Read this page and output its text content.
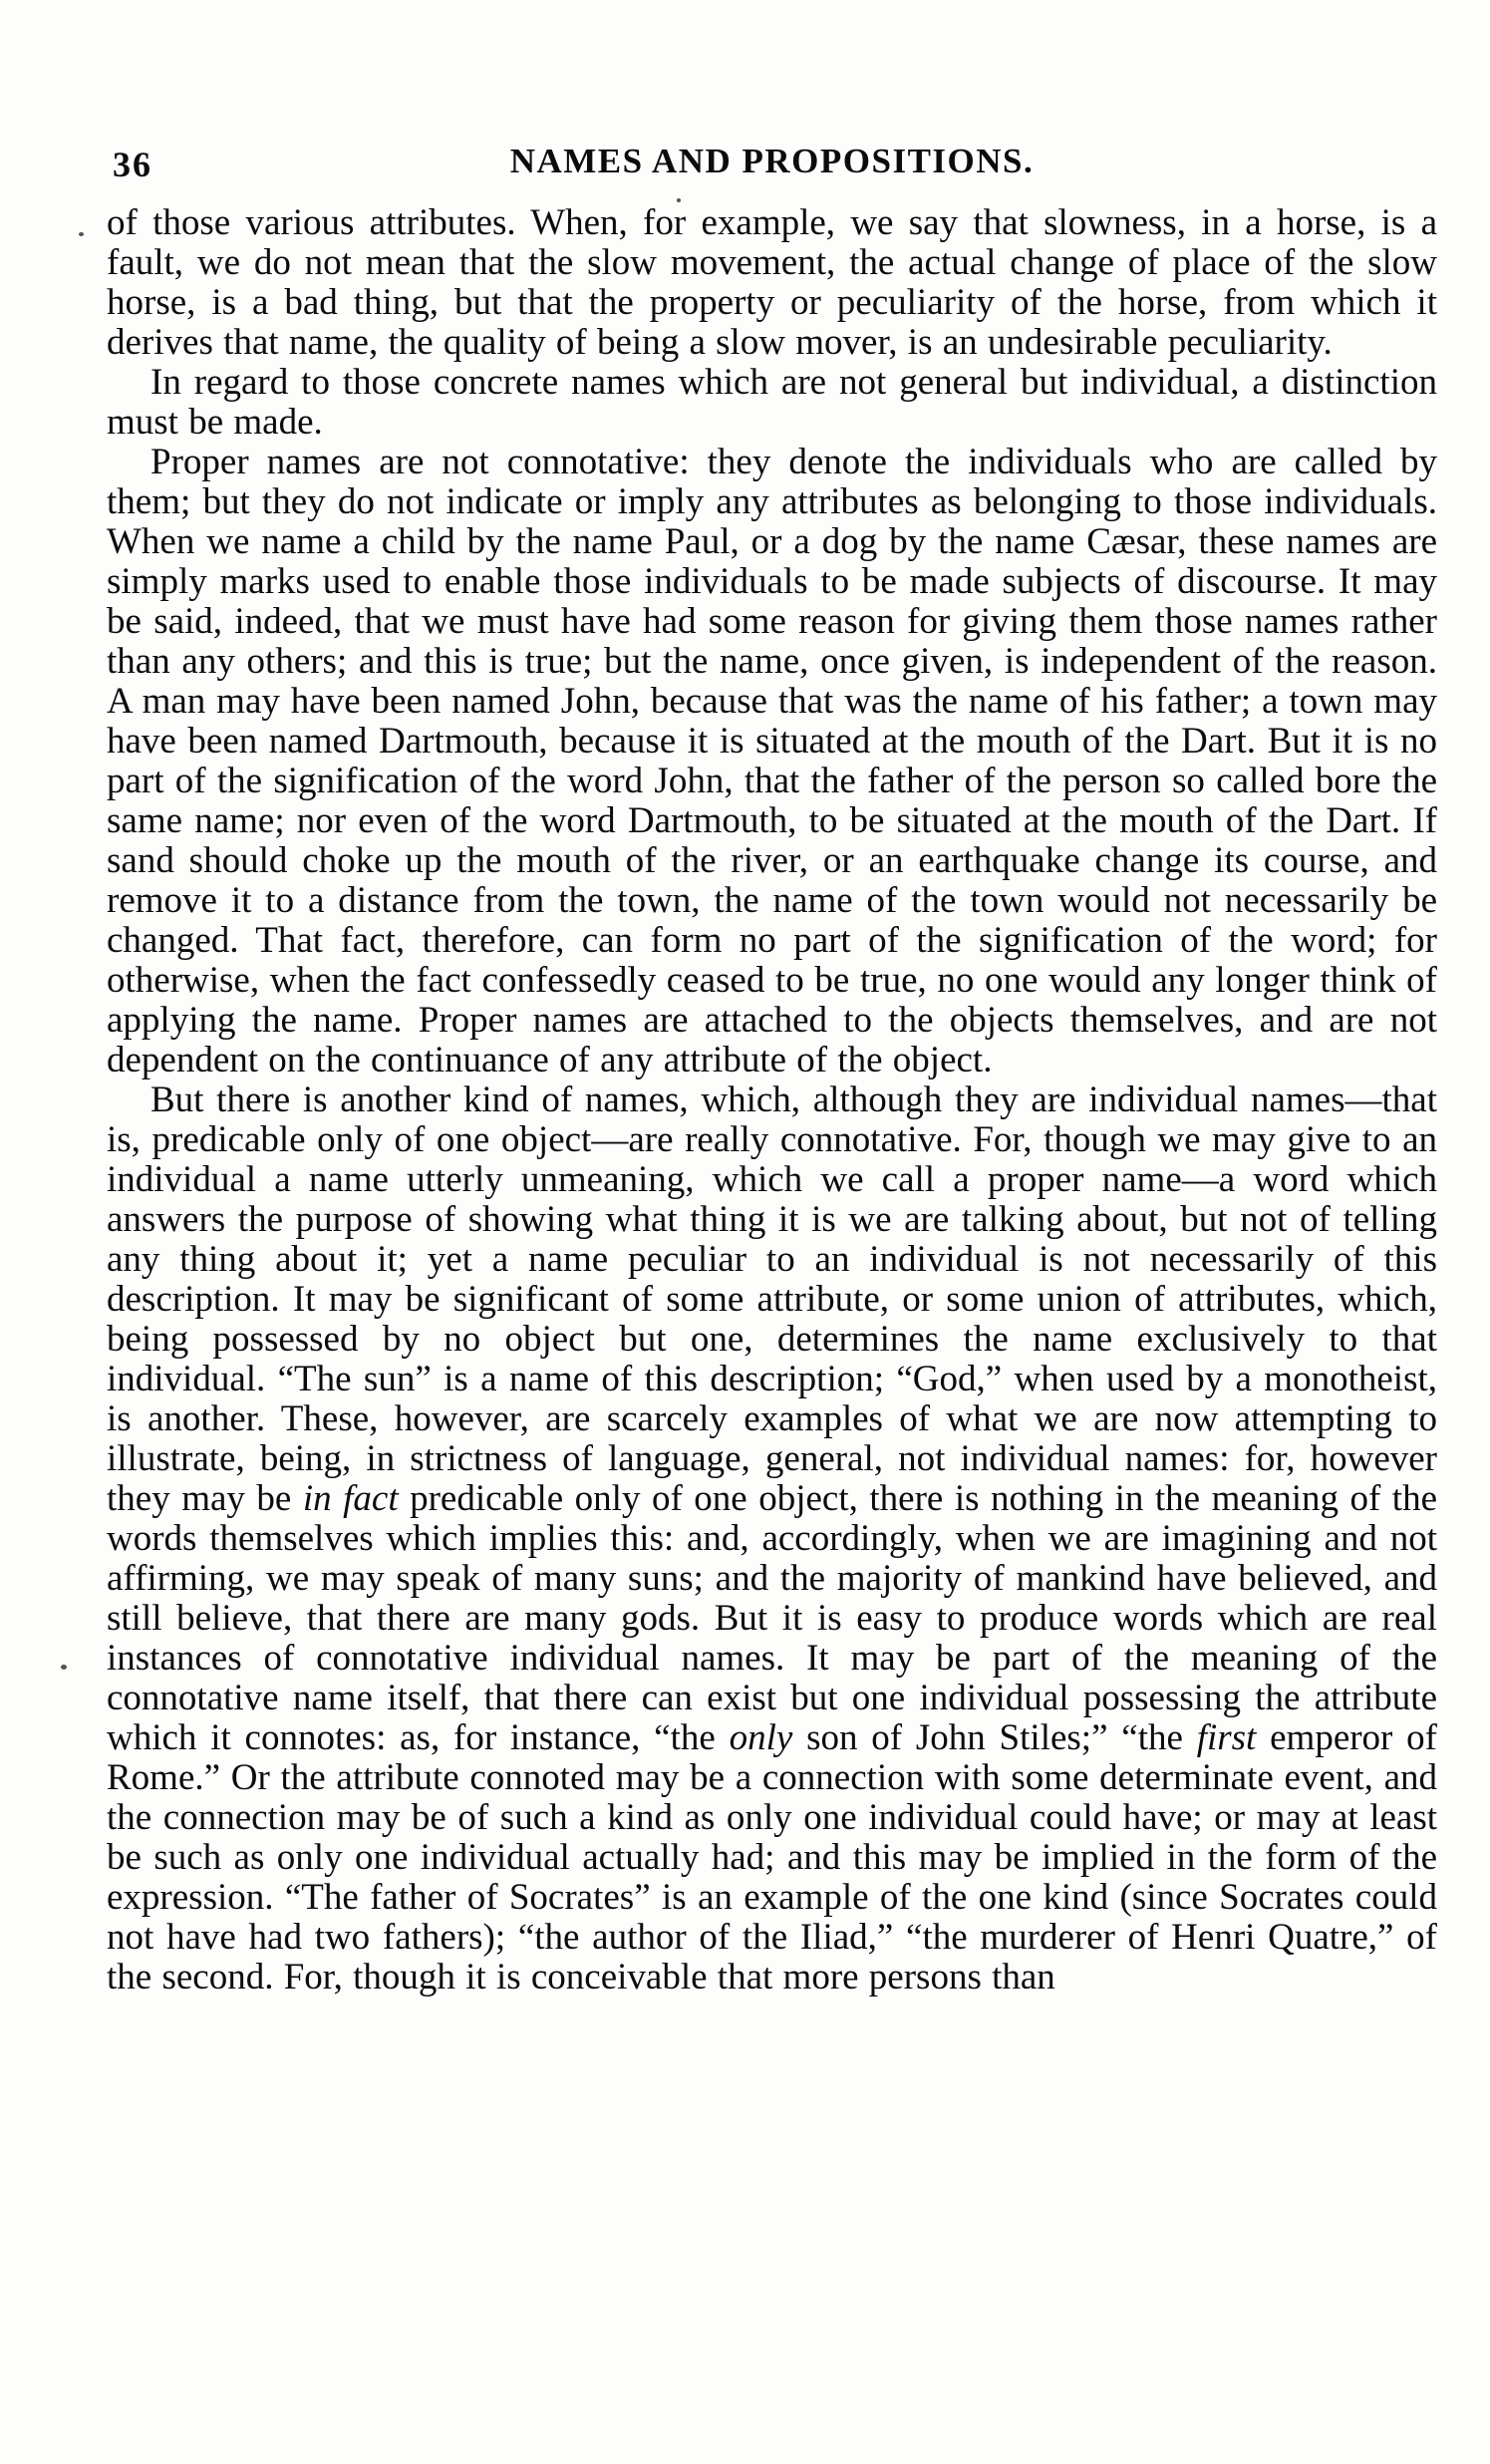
36	NAMES AND PROPOSITIONS.

of those various attributes. When, for example, we say that slowness, in a horse, is a fault, we do not mean that the slow movement, the actual change of place of the slow horse, is a bad thing, but that the property or peculiarity of the horse, from which it derives that name, the quality of being a slow mover, is an undesirable peculiarity.

In regard to those concrete names which are not general but individual, a distinction must be made.

Proper names are not connotative: they denote the individuals who are called by them; but they do not indicate or imply any attributes as belonging to those individuals. When we name a child by the name Paul, or a dog by the name Cæsar, these names are simply marks used to enable those individuals to be made subjects of discourse. It may be said, indeed, that we must have had some reason for giving them those names rather than any others; and this is true; but the name, once given, is independent of the reason. A man may have been named John, because that was the name of his father; a town may have been named Dartmouth, because it is situated at the mouth of the Dart. But it is no part of the signification of the word John, that the father of the person so called bore the same name; nor even of the word Dartmouth, to be situated at the mouth of the Dart. If sand should choke up the mouth of the river, or an earthquake change its course, and remove it to a distance from the town, the name of the town would not necessarily be changed. That fact, therefore, can form no part of the signification of the word; for otherwise, when the fact confessedly ceased to be true, no one would any longer think of applying the name. Proper names are attached to the objects themselves, and are not dependent on the continuance of any attribute of the object.

But there is another kind of names, which, although they are individual names—that is, predicable only of one object—are really connotative. For, though we may give to an individual a name utterly unmeaning, which we call a proper name—a word which answers the purpose of showing what thing it is we are talking about, but not of telling any thing about it; yet a name peculiar to an individual is not necessarily of this description. It may be significant of some attribute, or some union of attributes, which, being possessed by no object but one, determines the name exclusively to that individual. “The sun” is a name of this description; “God,” when used by a monotheist, is another. These, however, are scarcely examples of what we are now attempting to illustrate, being, in strictness of language, general, not individual names: for, however they may be in fact predicable only of one object, there is nothing in the meaning of the words themselves which implies this: and, accordingly, when we are imagining and not affirming, we may speak of many suns; and the majority of mankind have believed, and still believe, that there are many gods. But it is easy to produce words which are real instances of connotative individual names. It may be part of the meaning of the connotative name itself, that there can exist but one individual possessing the attribute which it connotes: as, for instance, “the only son of John Stiles;” “the first emperor of Rome.” Or the attribute connoted may be a connection with some determinate event, and the connection may be of such a kind as only one individual could have; or may at least be such as only one individual actually had; and this may be implied in the form of the expression. “The father of Socrates” is an example of the one kind (since Socrates could not have had two fathers); “the author of the Iliad,” “the murderer of Henri Quatre,” of the second. For, though it is conceivable that more persons than
